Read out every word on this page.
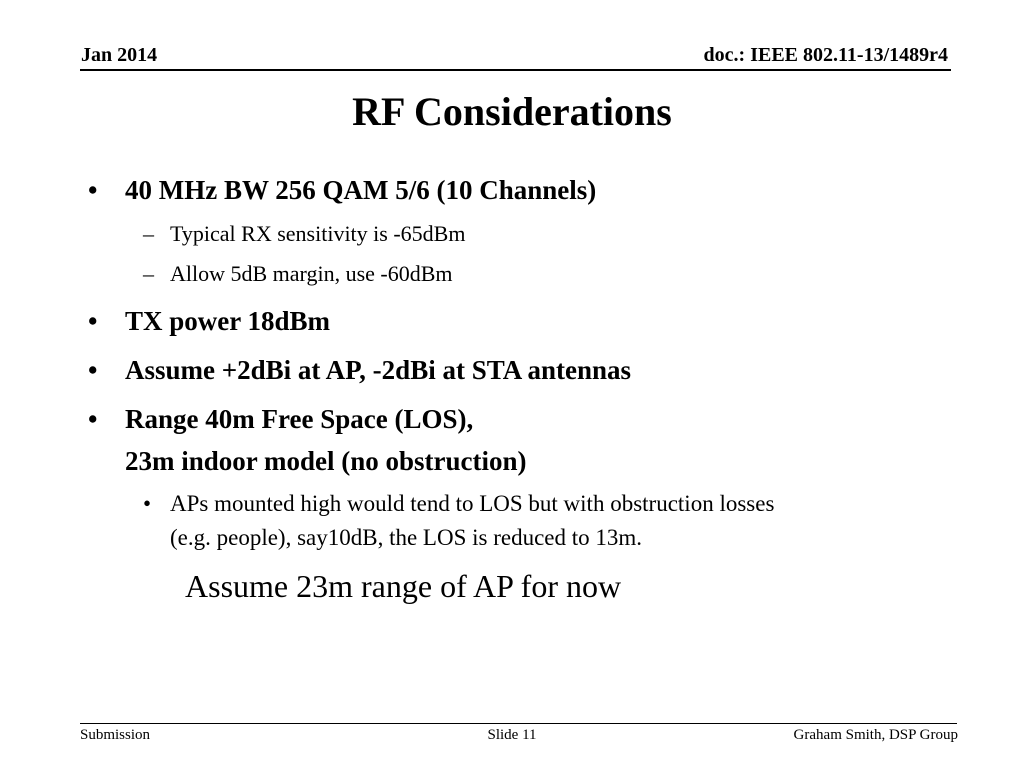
Jan 2014	doc.: IEEE 802.11-13/1489r4
RF Considerations
• 40 MHz BW 256 QAM 5/6 (10 Channels)
– Typical RX sensitivity is -65dBm
– Allow 5dB margin, use -60dBm
• TX power 18dBm
• Assume +2dBi at AP, -2dBi at STA antennas
• Range 40m Free Space (LOS),
23m indoor model (no obstruction)
• APs mounted high would tend to LOS but with obstruction losses
(e.g. people), say10dB, the LOS is reduced to 13m.
Assume 23m range of AP for now
Submission	Slide 11	Graham Smith, DSP Group
